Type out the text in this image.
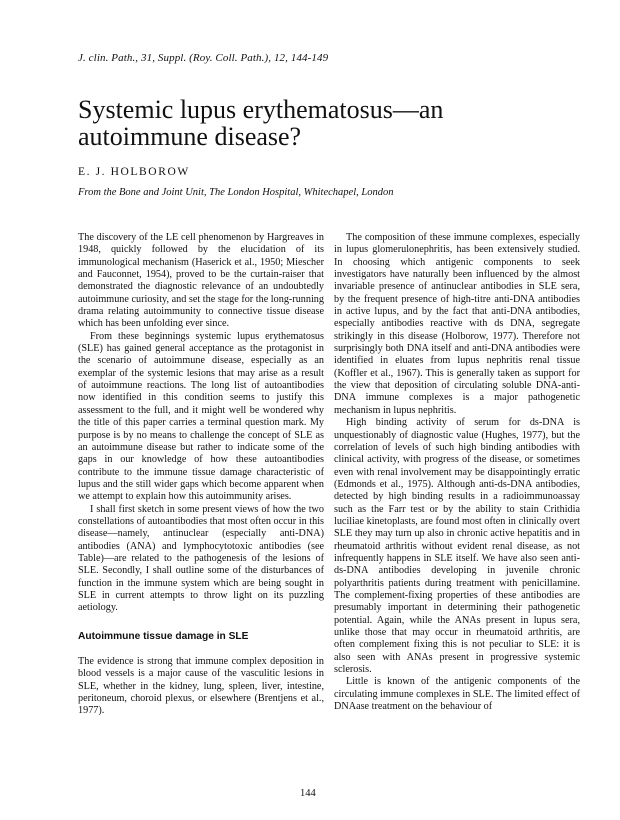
J. clin. Path., 31, Suppl. (Roy. Coll. Path.), 12, 144-149
Systemic lupus erythematosus—an autoimmune disease?
E. J. HOLBOROW
From the Bone and Joint Unit, The London Hospital, Whitechapel, London

The discovery of the LE cell phenomenon by Hargreaves in 1948, quickly followed by the elucidation of its immunological mechanism (Haserick et al., 1950; Miescher and Fauconnet, 1954), proved to be the curtain-raiser that demonstrated the diagnostic relevance of an undoubtedly autoimmune curiosity, and set the stage for the long-running drama relating autoimmunity to connective tissue disease which has been unfolding ever since.

From these beginnings systemic lupus erythematosus (SLE) has gained general acceptance as the protagonist in the scenario of autoimmune disease, especially as an exemplar of the systemic lesions that may arise as a result of autoimmune reactions. The long list of autoantibodies now identified in this condition seems to justify this assessment to the full, and it might well be wondered why the title of this paper carries a terminal question mark. My purpose is by no means to challenge the concept of SLE as an autoimmune disease but rather to indicate some of the gaps in our knowledge of how these autoantibodies contribute to the immune tissue damage characteristic of lupus and the still wider gaps which become apparent when we attempt to explain how this autoimmunity arises.

I shall first sketch in some present views of how the two constellations of autoantibodies that most often occur in this disease—namely, antinuclear (especially anti-DNA) antibodies (ANA) and lymphocytotoxic antibodies (see Table)—are related to the pathogenesis of the lesions of SLE. Secondly, I shall outline some of the disturbances of function in the immune system which are being sought in SLE in current attempts to throw light on its puzzling aetiology.

Autoimmune tissue damage in SLE

The evidence is strong that immune complex deposition in blood vessels is a major cause of the vasculitic lesions in SLE, whether in the kidney, lung, spleen, liver, intestine, peritoneum, choroid plexus, or elsewhere (Brentjens et al., 1977).

The composition of these immune complexes, especially in lupus glomerulonephritis, has been extensively studied. In choosing which antigenic components to seek investigators have naturally been influenced by the almost invariable presence of antinuclear antibodies in SLE sera, by the frequent presence of high-titre anti-DNA antibodies in active lupus, and by the fact that anti-DNA antibodies, especially antibodies reactive with ds DNA, segregate strikingly in this disease (Holborow, 1977). Therefore not surprisingly both DNA itself and anti-DNA antibodies were identified in eluates from lupus nephritis renal tissue (Koffler et al., 1967). This is generally taken as support for the view that deposition of circulating soluble DNA-anti-DNA immune complexes is a major pathogenetic mechanism in lupus nephritis.

High binding activity of serum for ds-DNA is unquestionably of diagnostic value (Hughes, 1977), but the correlation of levels of such high binding antibodies with clinical activity, with progress of the disease, or sometimes even with renal involvement may be disappointingly erratic (Edmonds et al., 1975). Although anti-ds-DNA antibodies, detected by high binding results in a radioimmunoassay such as the Farr test or by the ability to stain Crithidia luciliae kinetoplasts, are found most often in clinically overt SLE they may turn up also in chronic active hepatitis and in rheumatoid arthritis without evident renal disease, as not infrequently happens in SLE itself. We have also seen anti-ds-DNA antibodies developing in juvenile chronic polyarthritis patients during treatment with penicillamine. The complement-fixing properties of these antibodies are presumably important in determining their pathogenetic potential. Again, while the ANAs present in lupus sera, unlike those that may occur in rheumatoid arthritis, are often complement fixing this is not peculiar to SLE: it is also seen with ANAs present in progressive systemic sclerosis.

Little is known of the antigenic components of the circulating immune complexes in SLE. The limited effect of DNAase treatment on the behaviour of

144
